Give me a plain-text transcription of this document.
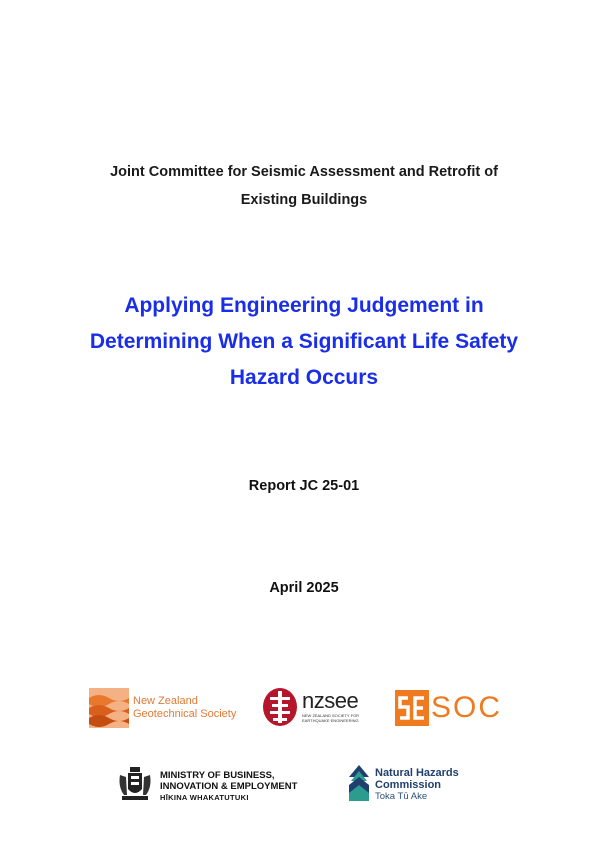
Joint Committee for Seismic Assessment and Retrofit of
Existing Buildings
Applying Engineering Judgement in
Determining When a Significant Life Safety
Hazard Occurs
Report JC 25-01
April 2025
New Zealand
Geotechnical Society
nzsee
NEW ZEALAND SOCIETY FOR EARTHQUAKE ENGINEERING	SOC
MINISTRY OF BUSINESS,
INNOVATION & EMPLOYMENT
HĪKINA WHAKATUTUKI
Natural Hazards
Commission
Toka Tū Ake
